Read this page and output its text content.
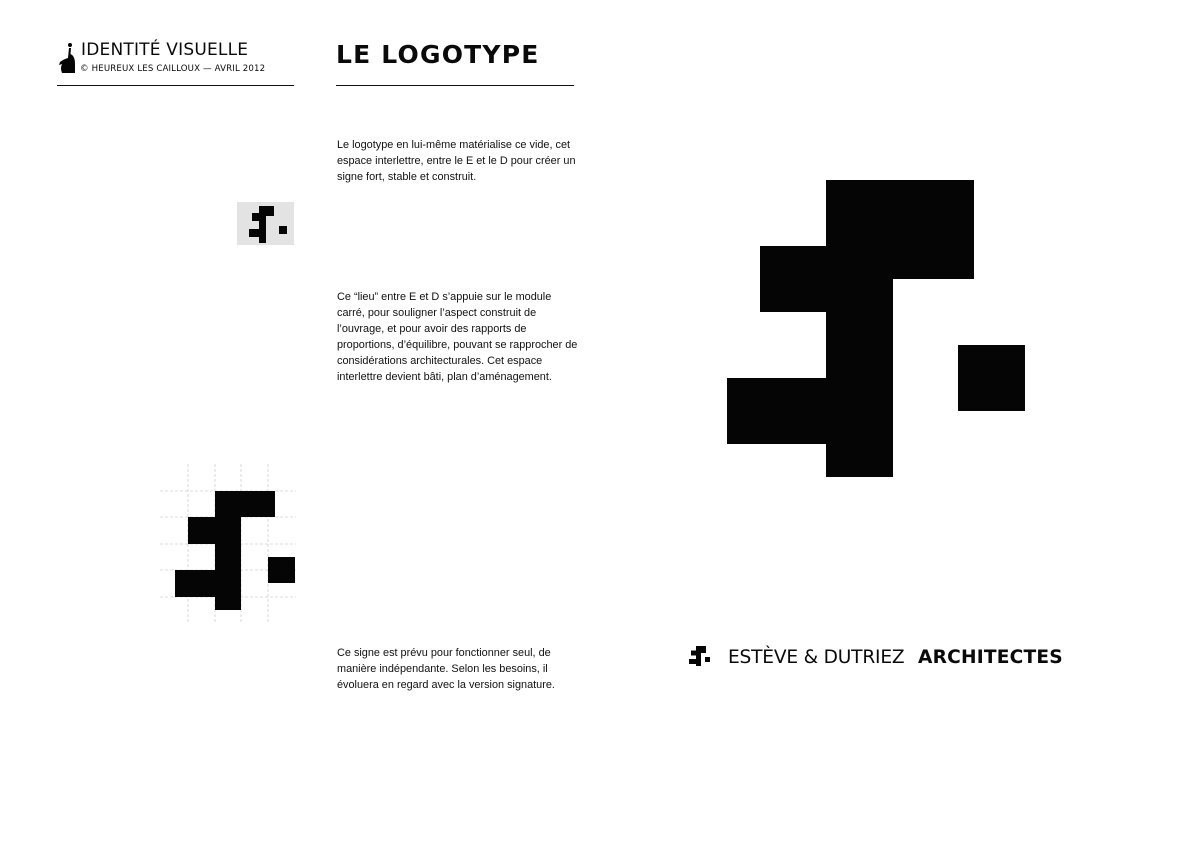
IDENTITÉ VISUELLE
© HEUREUX LES CAILLOUX — AVRIL 2012	LE LOGOTYPE

Le logotype en lui-même matérialise ce vide, cet espace interlettre, entre le E et le D pour créer un signe fort, stable et construit.

Ce “lieu” entre E et D s’appuie sur le module carré, pour souligner l’aspect construit de l’ouvrage, et pour avoir des rapports de proportions, d’équilibre, pouvant se rapprocher de considérations architecturales. Cet espace interlettre devient bâti, plan d’aménagement.

Ce signe est prévu pour fonctionner seul, de manière indépendante. Selon les besoins, il évoluera en regard avec la version signature.

ESTÈVE & DUTRIEZ ARCHITECTES
